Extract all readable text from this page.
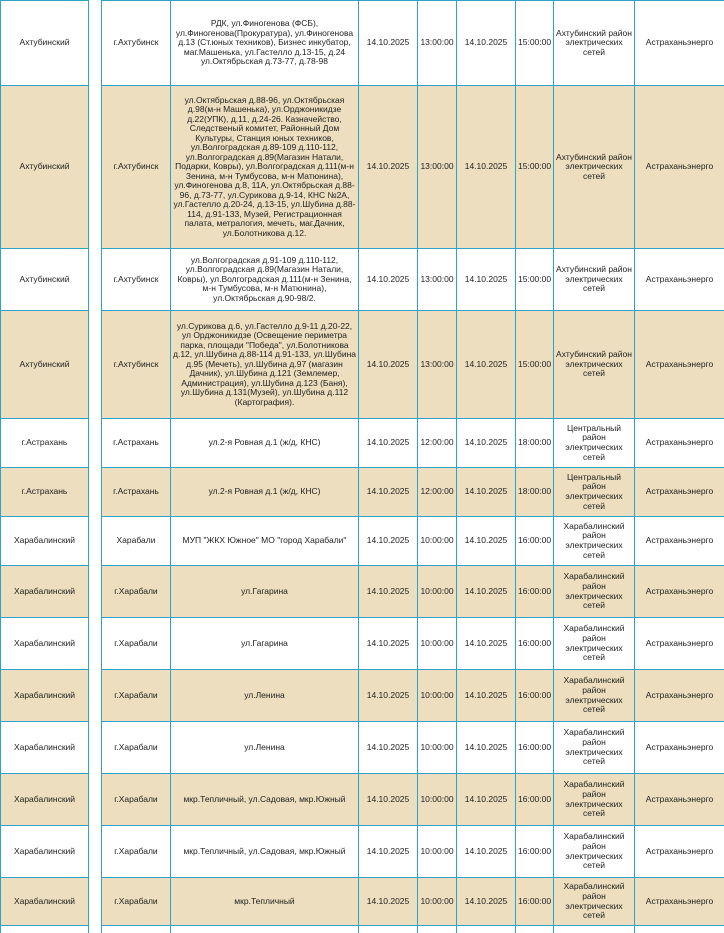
Ахтубинский		г.Ахтубинск	РДК, ул.Финогенова (ФСБ), ул.Финогенова(Прокуратура), ул.Финогенова д.13 (Ст.юных техников), Бизнес инкубатор, маг.Машенька, ул.Гастелло д.13-15, д.24 ул.Октябрьская д.73-77, д.78-98	14.10.2025	13:00:00	14.10.2025	15:00:00	Ахтубинский район электрических сетей	Астраханьэнерго
Ахтубинский		г.Ахтубинск	ул.Октябрьская д.88-96, ул.Октябрьская д.98(м-н Машенька), ул.Орджоникидзе д.22(УПК), д.11, д.24-26. Казначейство, Следственый комитет, Районный Дом Культуры, Станция юных техников, ул.Волгоградская д.89-109 д.110-112, ул.Волгоградская д.89(Магазин Натали, Подарки, Ковры), ул.Волгоградская д.111(м-н Зенина, м-н Тумбусова, м-н Матюнина), ул.Финогенова д.8, 11А, ул.Октябрьская д.88-96, д.73-77, ул.Сурикова д.9-14, КНС №2А, ул.Гастелло д.20-24, д.13-15, ул.Шубина д.88-114, д.91-133, Музей, Регистрационная палата, метралогия, мечеть, маг.Дачник, ул.Болотникова д.12.	14.10.2025	13:00:00	14.10.2025	15:00:00	Ахтубинский район электрических сетей	Астраханьэнерго
Ахтубинский		г.Ахтубинск	ул.Волгоградская д.91-109 д.110-112, ул.Волгоградская д.89(Магазин Натали, Ковры), ул.Волгоградская д.111(м-н Зенина, м-н Тумбусова, м-н Матюнина), ул.Октябрьская д.90-98/2.	14.10.2025	13:00:00	14.10.2025	15:00:00	Ахтубинский район электрических сетей	Астраханьэнерго
Ахтубинский		г.Ахтубинск	ул.Сурикова д.6, ул.Гастелло д.9-11 д.20-22, ул Орджоникидзе (Освещение периметра парка, площади "Победа", ул.Болотникова д.12, ул.Шубина д.88-114 д.91-133, ул.Шубина д.95 (Мечеть), ул.Шубина д.97 (магазин Дачник), ул.Шубина д.121 (Землемер, Администрация), ул.Шубина д.123 (Баня), ул.Шубина д.131(Музей), ул.Шубина д.112 (Картография).	14.10.2025	13:00:00	14.10.2025	15:00:00	Ахтубинский район электрических сетей	Астраханьэнерго
г.Астрахань		г.Астрахань	ул.2-я Ровная д.1 (ж/д, КНС)	14.10.2025	12:00:00	14.10.2025	18:00:00	Центральный район электрических сетей	Астраханьэнерго
г.Астрахань		г.Астрахань	ул.2-я Ровная д.1 (ж/д, КНС)	14.10.2025	12:00:00	14.10.2025	18:00:00	Центральный район электрических сетей	Астраханьэнерго
Харабалинский		Харабали	МУП "ЖКХ Южное" МО "город Харабали"	14.10.2025	10:00:00	14.10.2025	16:00:00	Харабалинский район электрических сетей	Астраханьэнерго
Харабалинский		г.Харабали	ул.Гагарина	14.10.2025	10:00:00	14.10.2025	16:00:00	Харабалинский район электрических сетей	Астраханьэнерго
Харабалинский		г.Харабали	ул.Гагарина	14.10.2025	10:00:00	14.10.2025	16:00:00	Харабалинский район электрических сетей	Астраханьэнерго
Харабалинский		г.Харабали	ул.Ленина	14.10.2025	10:00:00	14.10.2025	16:00:00	Харабалинский район электрических сетей	Астраханьэнерго
Харабалинский		г.Харабали	ул.Ленина	14.10.2025	10:00:00	14.10.2025	16:00:00	Харабалинский район электрических сетей	Астраханьэнерго
Харабалинский		г.Харабали	мкр.Тепличный, ул.Садовая, мкр.Южный	14.10.2025	10:00:00	14.10.2025	16:00:00	Харабалинский район электрических сетей	Астраханьэнерго
Харабалинский		г.Харабали	мкр.Тепличный, ул.Садовая, мкр.Южный	14.10.2025	10:00:00	14.10.2025	16:00:00	Харабалинский район электрических сетей	Астраханьэнерго
Харабалинский		г.Харабали	мкр.Тепличный	14.10.2025	10:00:00	14.10.2025	16:00:00	Харабалинский район электрических сетей	Астраханьэнерго
